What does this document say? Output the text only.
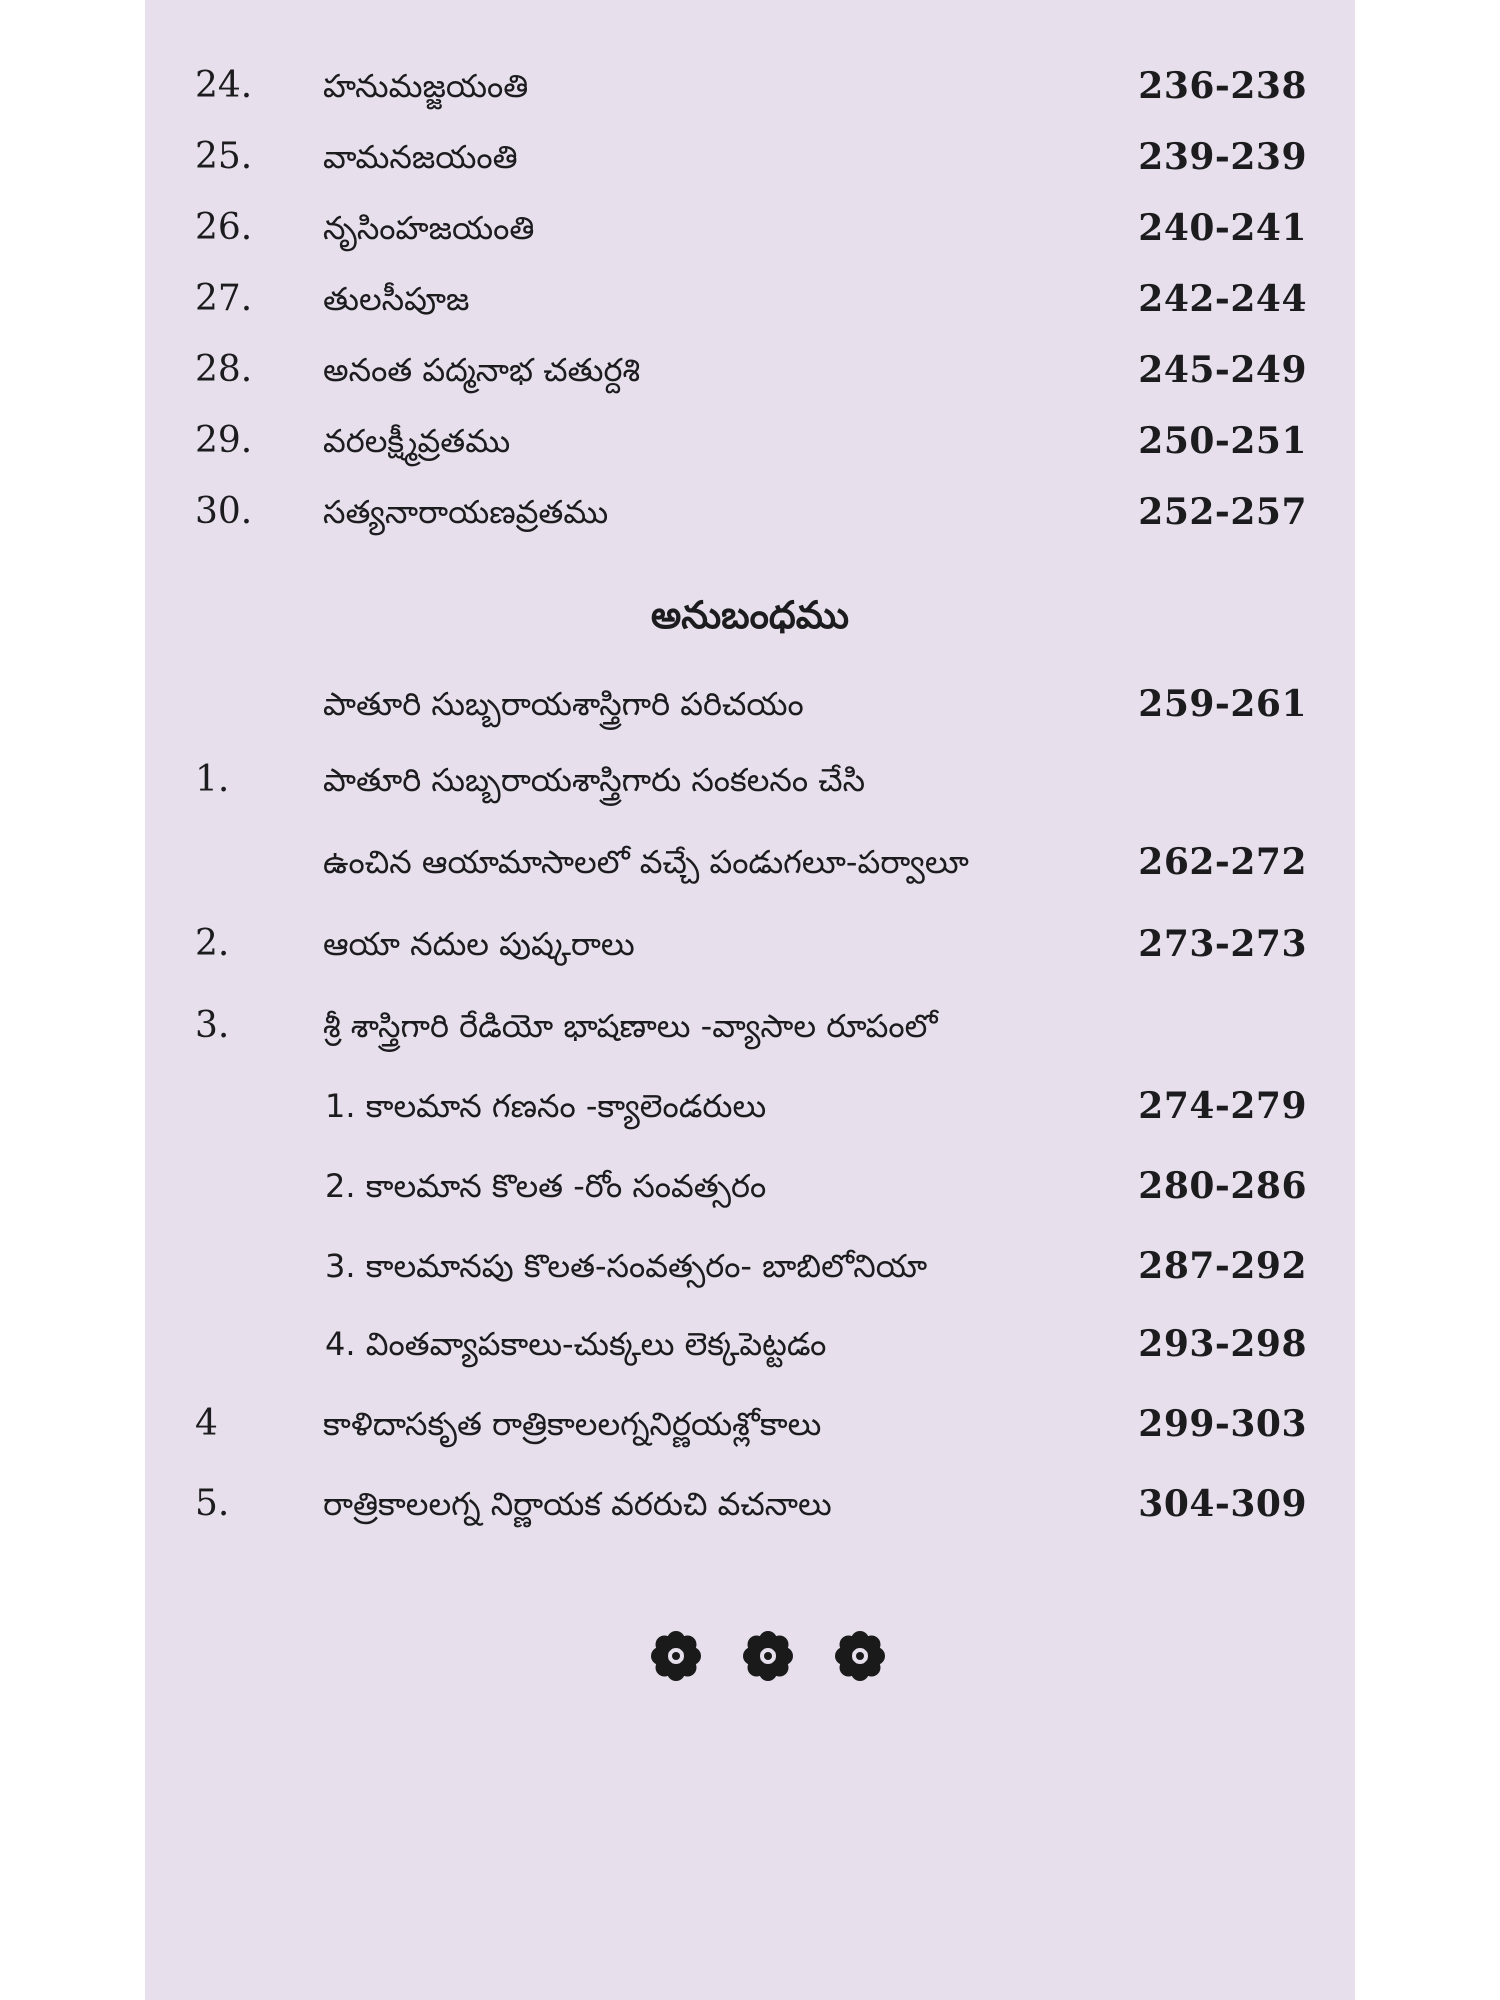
24. హనుమజ్జయంతి	236-238
25. వామనజయంతి	239-239
26. నృసింహజయంతి	240-241
27. తులసీపూజ	242-244
28. అనంత పద్మనాభ చతుర్దశి	245-249
29. వరలక్ష్మీవ్రతము	250-251
30. సత్యనారాయణవ్రతము	252-257
అనుబంధము
పాతూరి సుబ్బరాయశాస్త్రిగారి పరిచయం	259-261
1.	పాతూరి సుబ్బరాయశాస్త్రిగారు సంకలనం చేసి
ఉంచిన ఆయామాసాలలో వచ్చే పండుగలూ-పర్వాలూ	262-272
2.	ఆయా నదుల పుష్కరాలు	273-273
3.	శ్రీ శాస్త్రిగారి రేడియో భాషణాలు -వ్యాసాల రూపంలో
1. కాలమాన గణనం -క్యాలెండరులు	274-279
2. కాలమాన కొలత -రోం సంవత్సరం	280-286
3. కాలమానపు కొలత-సంవత్సరం- బాబిలోనియా	287-292
4. వింతవ్యాపకాలు-చుక్కలు లెక్కపెట్టడం	293-298
4	కాళిదాసకృత రాత్రికాలలగ్ననిర్ణయశ్లోకాలు	299-303
5.	రాత్రికాలలగ్న నిర్ణాయక వరరుచి వచనాలు	304-309
